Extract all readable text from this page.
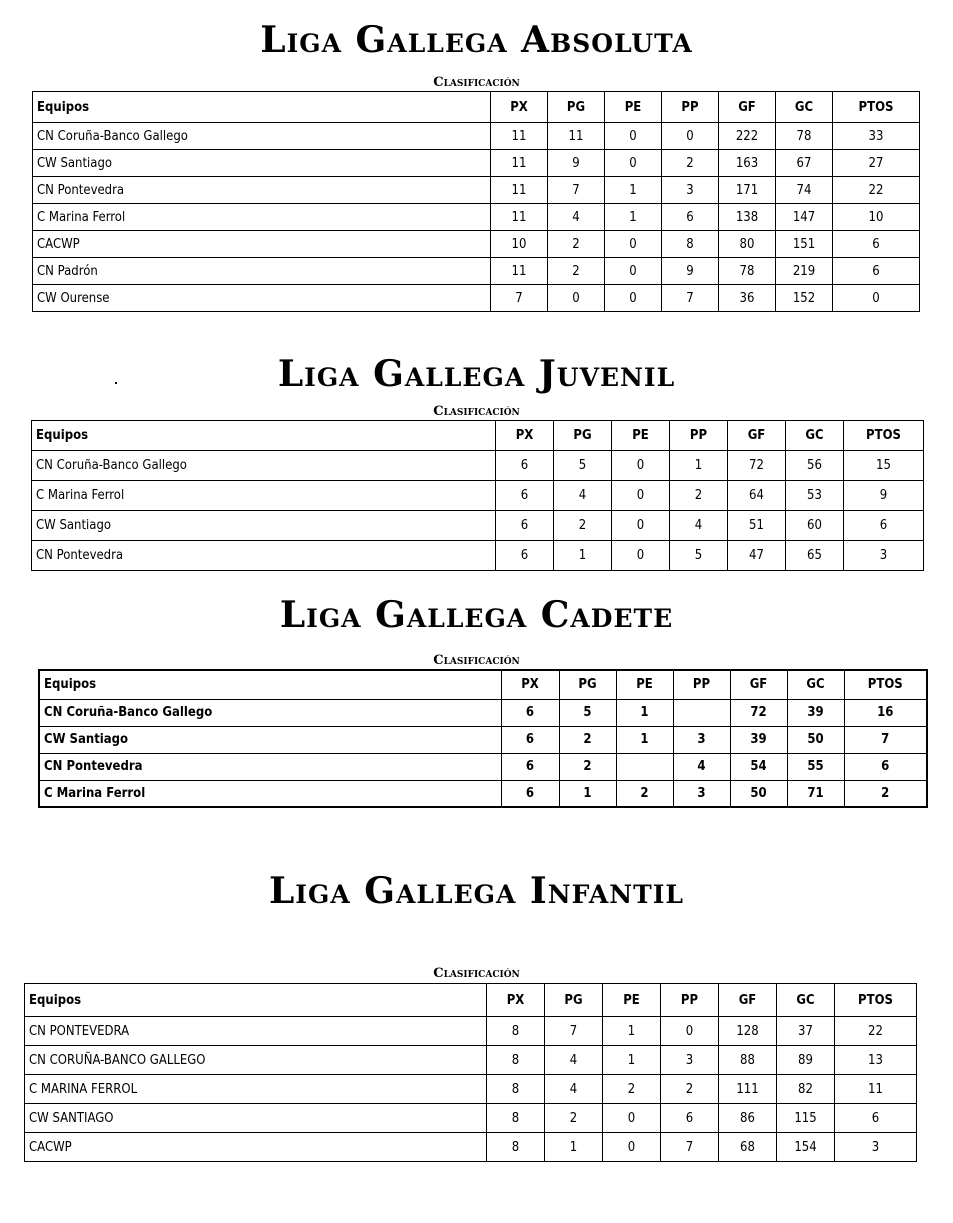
Liga Gallega Absoluta
Clasificación
Equipos	PX	PG	PE	PP	GF	GC	PTOS
CN Coruña-Banco Gallego	11	11	0	0	222	78	33
CW Santiago	11	9	0	2	163	67	27
CN Pontevedra	11	7	1	3	171	74	22
C Marina Ferrol	11	4	1	6	138	147	10
CACWP	10	2	0	8	80	151	6
CN Padrón	11	2	0	9	78	219	6
CW Ourense	7	0	0	7	36	152	0
Liga Gallega Juvenil
Clasificación
Equipos	PX	PG	PE	PP	GF	GC	PTOS
CN Coruña-Banco Gallego	6	5	0	1	72	56	15
C Marina Ferrol	6	4	0	2	64	53	9
CW Santiago	6	2	0	4	51	60	6
CN Pontevedra	6	1	0	5	47	65	3
Liga Gallega Cadete
Clasificación
Equipos	PX	PG	PE	PP	GF	GC	PTOS
CN Coruña-Banco Gallego	6	5	1		72	39	16
CW Santiago	6	2	1	3	39	50	7
CN Pontevedra	6	2		4	54	55	6
C Marina Ferrol	6	1	2	3	50	71	2
Liga Gallega Infantil
Clasificación
Equipos	PX	PG	PE	PP	GF	GC	PTOS
CN PONTEVEDRA	8	7	1	0	128	37	22
CN CORUÑA-BANCO GALLEGO	8	4	1	3	88	89	13
C MARINA FERROL	8	4	2	2	111	82	11
CW SANTIAGO	8	2	0	6	86	115	6
CACWP	8	1	0	7	68	154	3
